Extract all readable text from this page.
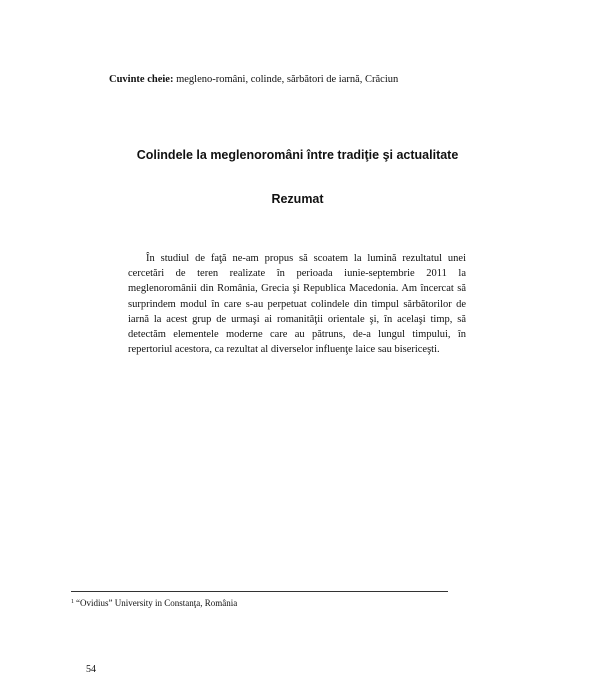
Cuvinte cheie: megleno-români, colinde, sărbători de iarnă, Crăciun
Colindele la meglenoromâni între tradiţie şi actualitate
Rezumat

În studiul de faţă ne-am propus să scoatem la lumină rezultatul unei cercetări de teren realizate în perioada iunie-septembrie 2011 la meglenoromânii din România, Grecia şi Republica Macedonia. Am încercat să surprindem modul în care s-au perpetuat colindele din timpul sărbătorilor de iarnă la acest grup de urmaşi ai romanităţii orientale şi, în acelaşi timp, să detectăm elementele moderne care au pătruns, de-a lungul timpului, în repertoriul acestora, ca rezultat al diverselor influenţe laice sau bisericeşti.

$^1$ “Ovidius” University in Constanţa, România
54
